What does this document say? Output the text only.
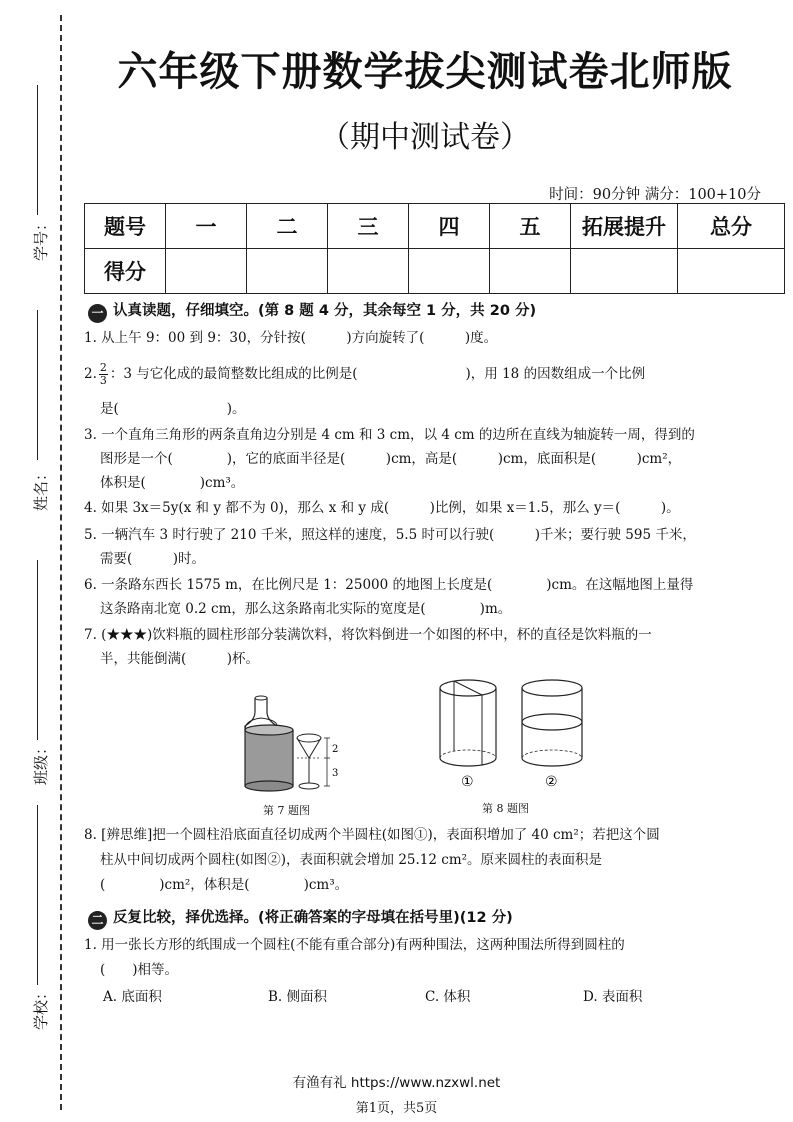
学号：
姓名：
班级：
学校：
六年级下册数学拔尖测试卷北师版
（期中测试卷）
时间：90分钟 满分：100+10分
题号	一	二	三	四	五	拓展提升	总分
得分							
一 认真读题，仔细填空。(第 8 题 4 分，其余每空 1 分，共 20 分)
1. 从上午 9：00 到 9：30，分针按(　　　)方向旋转了(　　　)度。
2. $\frac{2}{3}$ ：3 与它化成的最简整数比组成的比例是(　　　　　　　　)，用 18 的因数组成一个比例
是(　　　　　　　　)。
3. 一个直角三角形的两条直角边分别是 4 cm 和 3 cm，以 4 cm 的边所在直线为轴旋转一周，得到的
图形是一个(　　　　)，它的底面半径是(　　　)cm，高是(　　　)cm，底面积是(　　　)cm²，
体积是(　　　　)cm³。
4. 如果 3x＝5y(x 和 y 都不为 0)，那么 x 和 y 成(　　　)比例，如果 x＝1.5，那么 y＝(　　　)。
5. 一辆汽车 3 时行驶了 210 千米，照这样的速度，5.5 时可以行驶(　　　)千米；要行驶 595 千米，
需要(　　　)时。
6. 一条路东西长 1575 m，在比例尺是 1：25000 的地图上长度是(　　　　)cm。在这幅地图上量得
这条路南北宽 0.2 cm，那么这条路南北实际的宽度是(　　　　)m。
7. (★★★)饮料瓶的圆柱形部分装满饮料，将饮料倒进一个如图的杯中，杯的直径是饮料瓶的一
半，共能倒满(　　　)杯。
2
3
第 7 题图
①	②
第 8 题图
8. [辨思维]把一个圆柱沿底面直径切成两个半圆柱(如图①)，表面积增加了 40 cm²；若把这个圆
柱从中间切成两个圆柱(如图②)，表面积就会增加 25.12 cm²。原来圆柱的表面积是
(　　　　)cm²，体积是(　　　　)cm³。
二 反复比较，择优选择。(将正确答案的字母填在括号里)(12 分)
1. 用一张长方形的纸围成一个圆柱(不能有重合部分)有两种围法，这两种围法所得到圆柱的
(　　)相等。
A. 底面积	B. 侧面积	C. 体积	D. 表面积
有渔有礼 https://www.nzxwl.net
第1页，共5页
